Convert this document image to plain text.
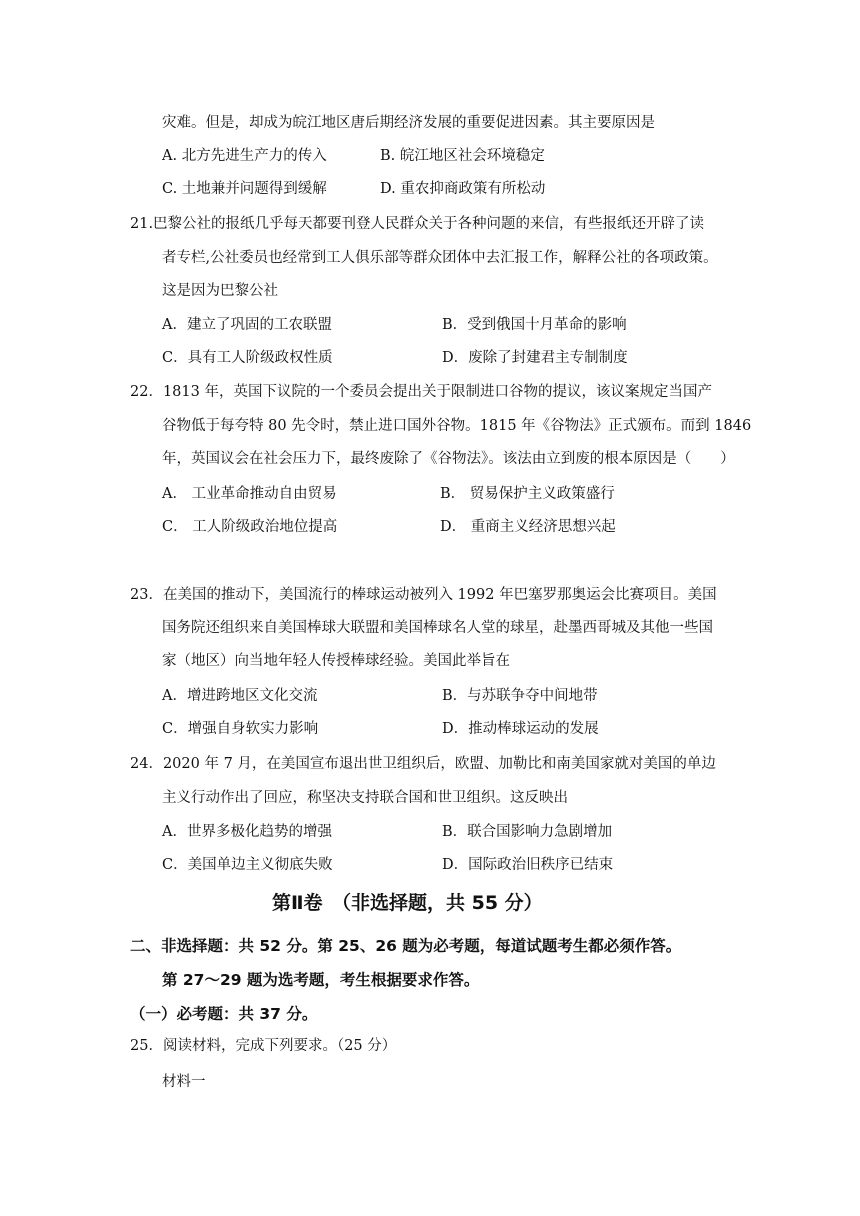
灾难。但是，却成为皖江地区唐后期经济发展的重要促进因素。其主要原因是
A. 北方先进生产力的传入	B. 皖江地区社会环境稳定
C. 土地兼并问题得到缓解	D. 重农抑商政策有所松动
21.巴黎公社的报纸几乎每天都要刊登人民群众关于各种问题的来信，有些报纸还开辟了读
者专栏,公社委员也经常到工人俱乐部等群众团体中去汇报工作，解释公社的各项政策。
这是因为巴黎公社
A．建立了巩固的工农联盟	B．受到俄国十月革命的影响
C．具有工人阶级政权性质	D．废除了封建君主专制制度
22．1813 年，英国下议院的一个委员会提出关于限制进口谷物的提议，该议案规定当国产
谷物低于每夸特 80 先令时，禁止进口国外谷物。1815 年《谷物法》正式颁布。而到 1846
年，英国议会在社会压力下，最终废除了《谷物法》。该法由立到废的根本原因是（　　）
A． 工业革命推动自由贸易	B． 贸易保护主义政策盛行
C． 工人阶级政治地位提高	D． 重商主义经济思想兴起
23．在美国的推动下，美国流行的棒球运动被列入 1992 年巴塞罗那奥运会比赛项目。美国
国务院还组织来自美国棒球大联盟和美国棒球名人堂的球星，赴墨西哥城及其他一些国
家（地区）向当地年轻人传授棒球经验。美国此举旨在
A．增进跨地区文化交流	B．与苏联争夺中间地带
C．增强自身软实力影响	D．推动棒球运动的发展
24．2020 年 7 月，在美国宣布退出世卫组织后，欧盟、加勒比和南美国家就对美国的单边
主义行动作出了回应，称坚决支持联合国和世卫组织。这反映出
A．世界多极化趋势的增强	B．联合国影响力急剧增加
C．美国单边主义彻底失败	D．国际政治旧秩序已结束
第Ⅱ卷　（非选择题，共 55 分）
二、非选择题：共 52 分。第 25、26 题为必考题，每道试题考生都必须作答。
第 27～29 题为选考题，考生根据要求作答。
（一）必考题：共 37 分。
25．阅读材料，完成下列要求。（25 分）
材料一
